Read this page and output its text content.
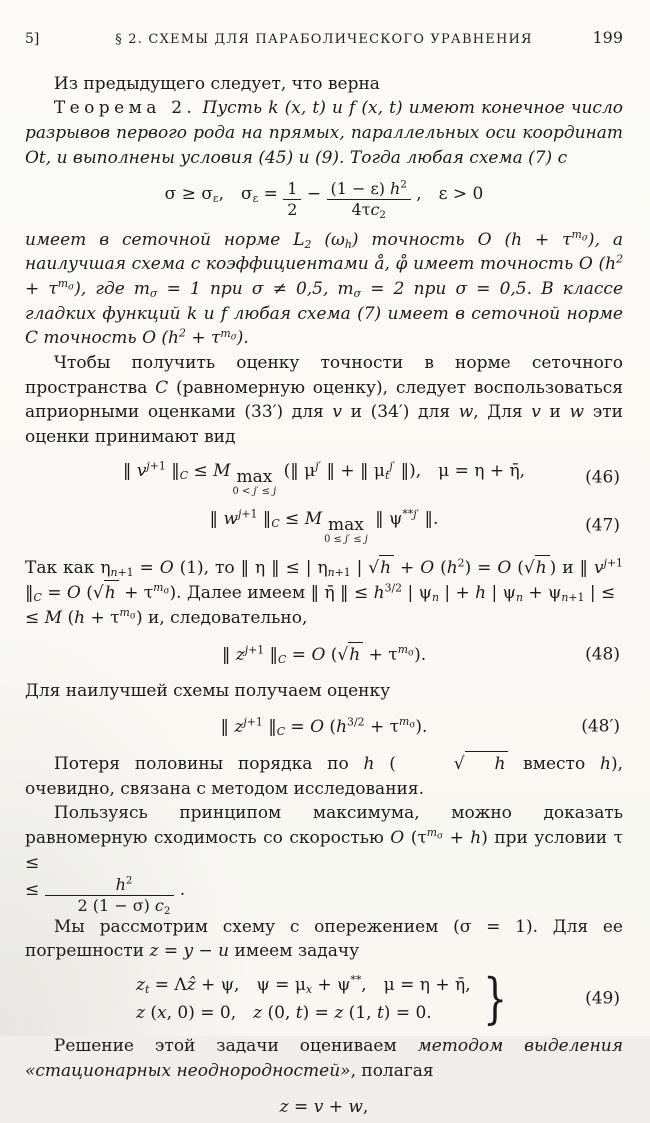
5]	§ 2. СХЕМЫ ДЛЯ ПАРАБОЛИЧЕСКОГО УРАВНЕНИЯ	199

Из предыдущего следует, что верна

Теорема 2. Пусть k (x, t) и f (x, t) имеют конечное число разрывов первого рода на прямых, параллельных оси координат Ot, и выполнены условия (45) и (9). Тогда любая схема (7) с

$\sigma \ge \sigma_\varepsilon$, $\sigma_\varepsilon = \frac{1}{2} - \frac{(1 - \varepsilon) h^2}{4\tau c_2}$ , ε > 0

имеет в сеточной норме $L_2$ $(\omega_h)$ точность O $(h + \tau^{m_\sigma})$, а наилучшая схема с коэффициентами å, φ̊ имеет точность O $(h^2 + \tau^{m_\sigma})$, где $m_\sigma = 1$ при σ ≠ 0,5, $m_\sigma = 2$ при σ = 0,5. В классе гладких функций k и f любая схема (7) имеет в сеточной норме C точность O $(h^2 + \tau^{m_\sigma})$.

Чтобы получить оценку точности в норме сеточного пространства C (равномерную оценку), следует воспользоваться априорными оценками (33′) для v и (34′) для w, Для v и w эти оценки принимают вид

‖ $v^{j+1}$ $‖_C \le M$ max
0 < j′ ≤ j
(‖ $\mu^{j'}$ ‖ + ‖ $\mu_t^{j'}$ ‖), μ = η + η̄,	(46)
‖ $w^{j+1}$ $‖_C \le M$ max
0 ≤ j′ ≤ j
‖ $\psi^{**j'}$ ‖.	(47)

Так как $\eta_{n+1} = O$ (1), то ‖ η ‖ ≤ | $\eta_{n+1}$ | √h + O $(h^2) = O$ (√h ) и ‖ $v^{j+1}$ $‖_C = O$ $(√h + \tau^{m_\sigma})$. Далее имеем ‖ η̄ ‖ ≤ $h^{3/2}$ | $\psi_n$ | + h | $\psi_n + \psi_{n+1}$ | ≤
≤ M $(h + \tau^{m_\sigma})$ и, следовательно,

‖ $z^{j+1}$ $‖_C = O$ $(√h + \tau^{m_\sigma})$.	(48)

Для наилучшей схемы получаем оценку

‖ $z^{j+1}$ $‖_C = O$ $(h^{3/2} + \tau^{m_\sigma})$.	(48′)

Потеря половины порядка по h (	√ h вместо h), очевидно, связана с методом исследования.

Пользуясь принципом максимума, можно доказать равномерную сходимость со скоростью O $(\tau^{m_\sigma} + h)$ при условии τ ≤
≤ $\frac{h^2}{2 (1 - \sigma) c_2}$ .

Мы рассмотрим схему с опережением (σ = 1). Для ее погрешности z = y − u имеем задачу

$z_t$ = Λẑ + ψ, $\psi = \mu_x + \psi^{**}$, μ = η + η̄,
z (x, 0) = 0, z (0, t) = z (1, t) = 0. }	(49)

Решение этой задачи оцениваем методом выделения «стационарных неоднородностей», полагая

z = v + w,
